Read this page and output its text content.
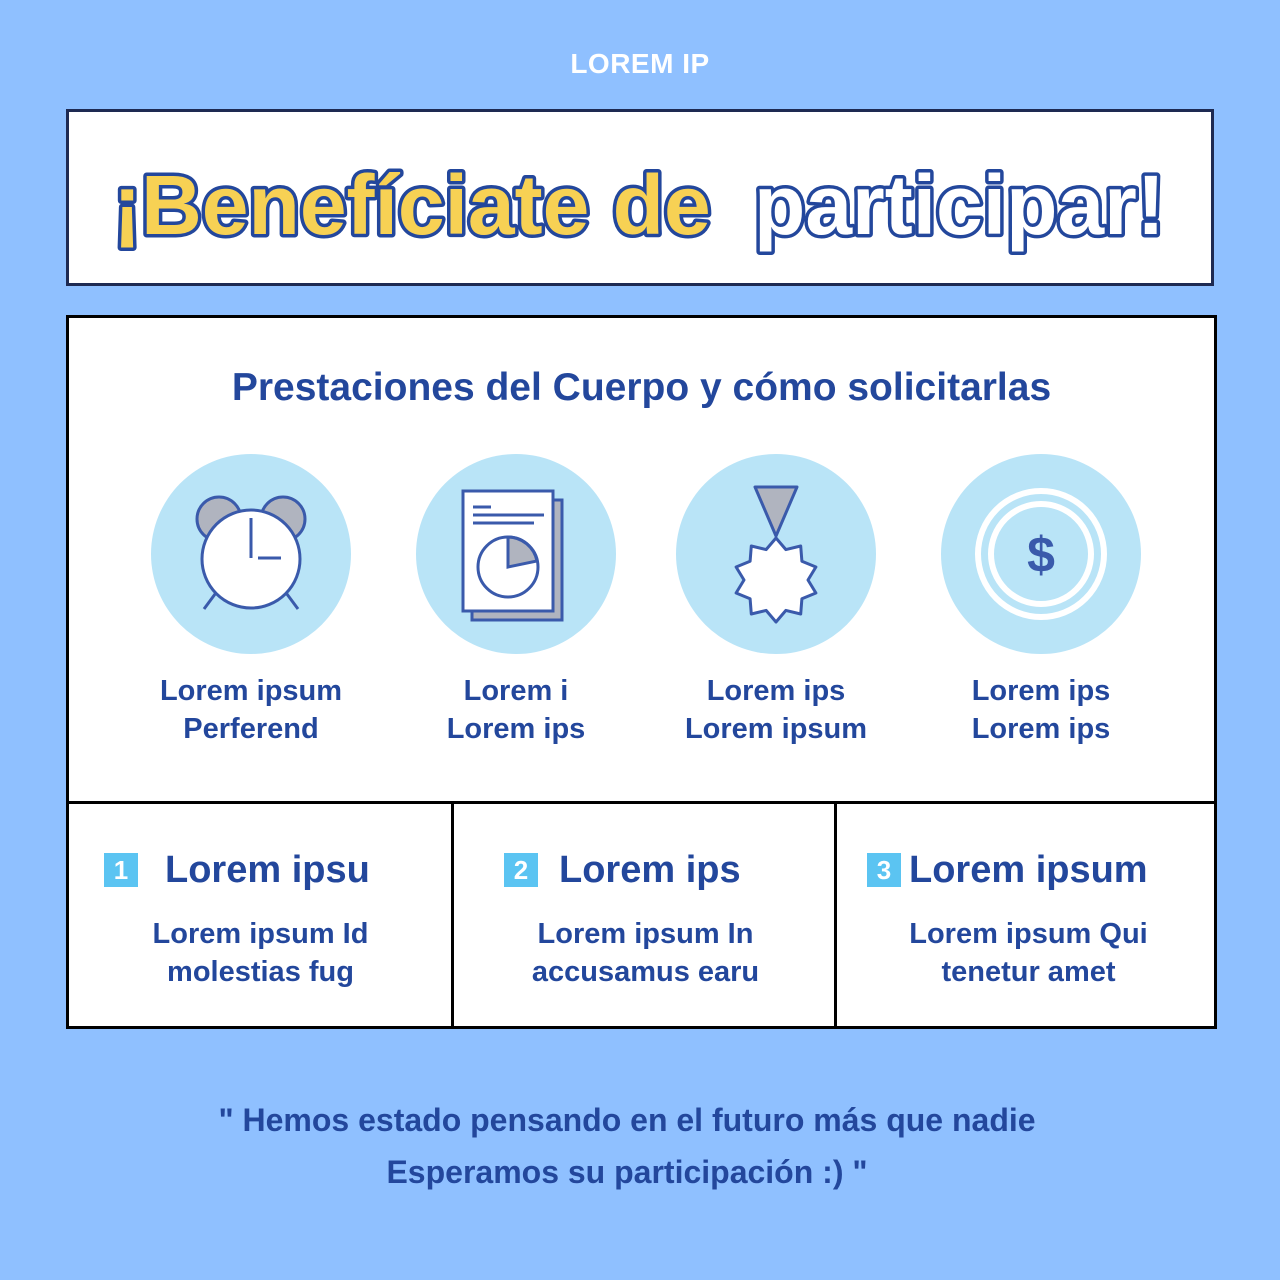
LOREM IP
¡Benefíciate de participar!
Prestaciones del Cuerpo y cómo solicitarlas
Lorem ipsum
Perferend
Lorem i
Lorem ips
Lorem ips
Lorem ipsum
$
Lorem ips
Lorem ips
1 Lorem ipsu
Lorem ipsum Id
molestias fug
2 Lorem ips
Lorem ipsum In
accusamus earu
3 Lorem ipsum
Lorem ipsum Qui
tenetur amet
" Hemos estado pensando en el futuro más que nadie
Esperamos su participación :) "
